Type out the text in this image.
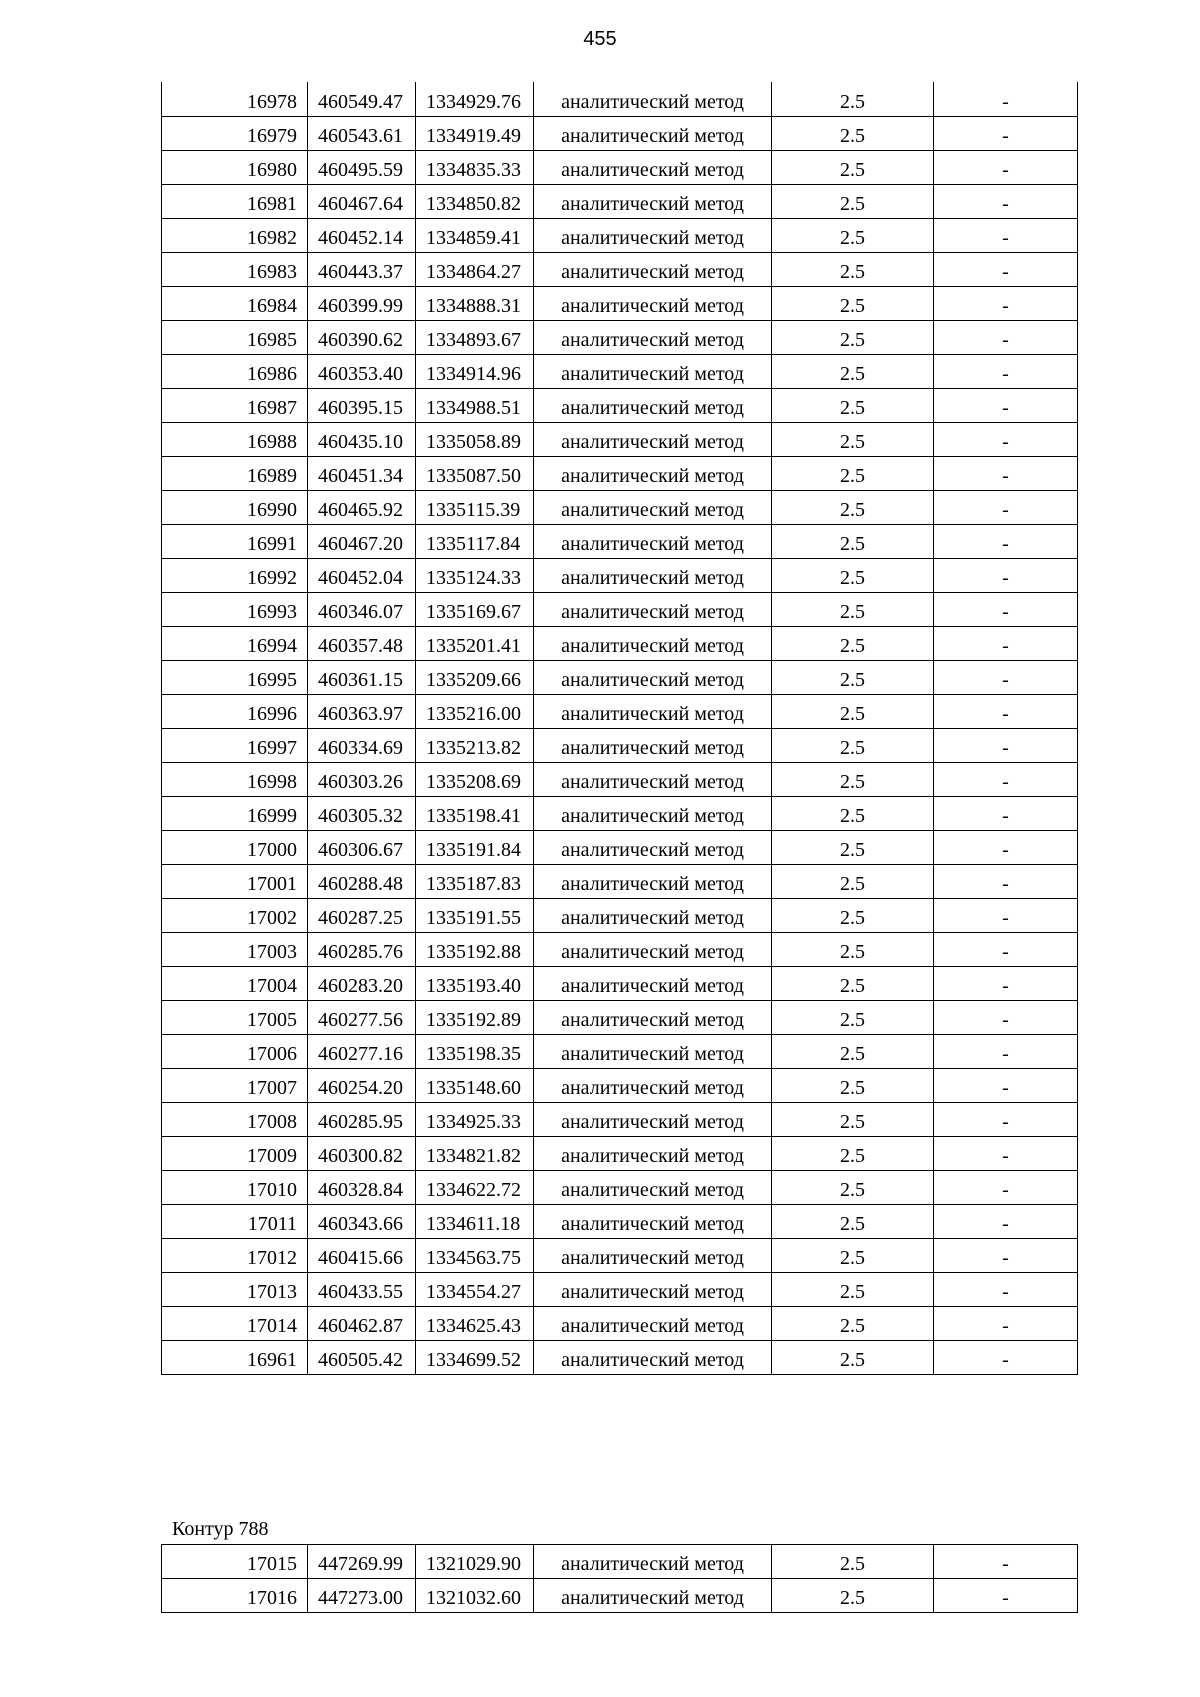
455
16978	460549.47	1334929.76	аналитический метод	2.5	-
16979	460543.61	1334919.49	аналитический метод	2.5	-
16980	460495.59	1334835.33	аналитический метод	2.5	-
16981	460467.64	1334850.82	аналитический метод	2.5	-
16982	460452.14	1334859.41	аналитический метод	2.5	-
16983	460443.37	1334864.27	аналитический метод	2.5	-
16984	460399.99	1334888.31	аналитический метод	2.5	-
16985	460390.62	1334893.67	аналитический метод	2.5	-
16986	460353.40	1334914.96	аналитический метод	2.5	-
16987	460395.15	1334988.51	аналитический метод	2.5	-
16988	460435.10	1335058.89	аналитический метод	2.5	-
16989	460451.34	1335087.50	аналитический метод	2.5	-
16990	460465.92	1335115.39	аналитический метод	2.5	-
16991	460467.20	1335117.84	аналитический метод	2.5	-
16992	460452.04	1335124.33	аналитический метод	2.5	-
16993	460346.07	1335169.67	аналитический метод	2.5	-
16994	460357.48	1335201.41	аналитический метод	2.5	-
16995	460361.15	1335209.66	аналитический метод	2.5	-
16996	460363.97	1335216.00	аналитический метод	2.5	-
16997	460334.69	1335213.82	аналитический метод	2.5	-
16998	460303.26	1335208.69	аналитический метод	2.5	-
16999	460305.32	1335198.41	аналитический метод	2.5	-
17000	460306.67	1335191.84	аналитический метод	2.5	-
17001	460288.48	1335187.83	аналитический метод	2.5	-
17002	460287.25	1335191.55	аналитический метод	2.5	-
17003	460285.76	1335192.88	аналитический метод	2.5	-
17004	460283.20	1335193.40	аналитический метод	2.5	-
17005	460277.56	1335192.89	аналитический метод	2.5	-
17006	460277.16	1335198.35	аналитический метод	2.5	-
17007	460254.20	1335148.60	аналитический метод	2.5	-
17008	460285.95	1334925.33	аналитический метод	2.5	-
17009	460300.82	1334821.82	аналитический метод	2.5	-
17010	460328.84	1334622.72	аналитический метод	2.5	-
17011	460343.66	1334611.18	аналитический метод	2.5	-
17012	460415.66	1334563.75	аналитический метод	2.5	-
17013	460433.55	1334554.27	аналитический метод	2.5	-
17014	460462.87	1334625.43	аналитический метод	2.5	-
16961	460505.42	1334699.52	аналитический метод	2.5	-
Контур 788
17015	447269.99	1321029.90	аналитический метод	2.5	-
17016	447273.00	1321032.60	аналитический метод	2.5	-
